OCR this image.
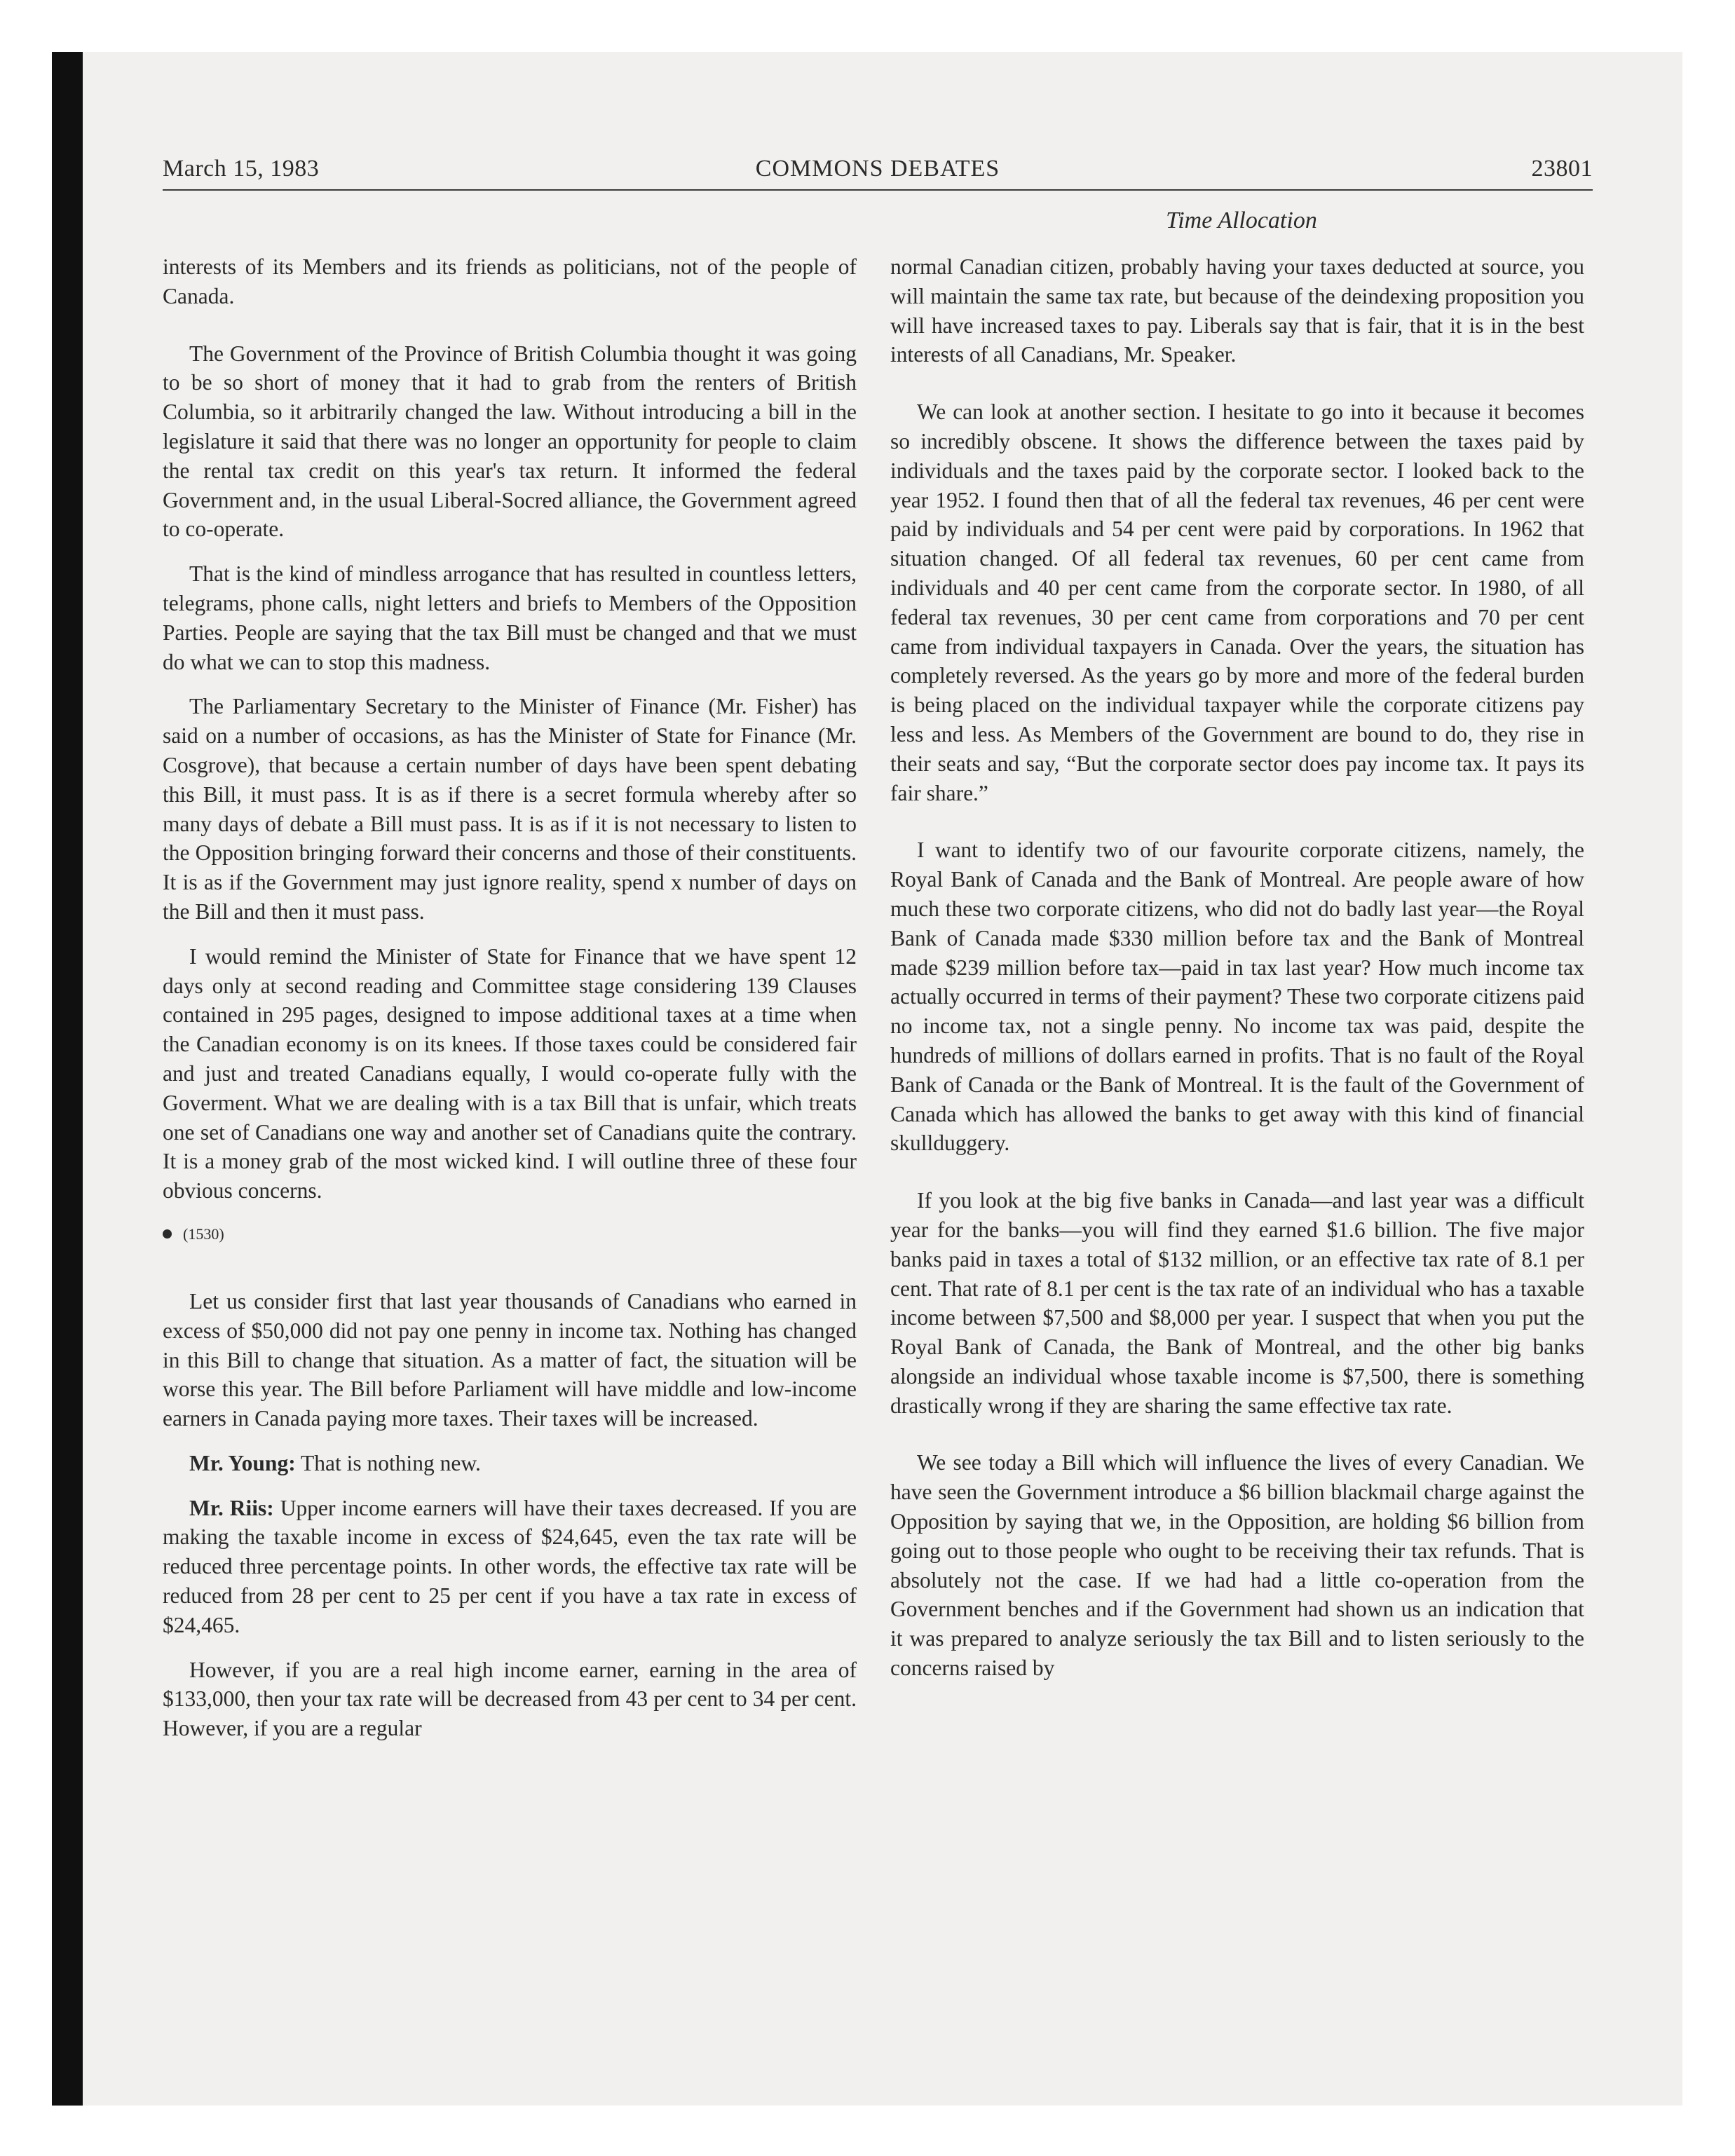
March 15, 1983	COMMONS DEBATES	23801
Time Allocation

interests of its Members and its friends as politicians, not of the people of Canada.

The Government of the Province of British Columbia thought it was going to be so short of money that it had to grab from the renters of British Columbia, so it arbitrarily changed the law. Without introducing a bill in the legislature it said that there was no longer an opportunity for people to claim the rental tax credit on this year's tax return. It informed the federal Government and, in the usual Liberal-Socred alliance, the Government agreed to co-operate.

That is the kind of mindless arrogance that has resulted in countless letters, telegrams, phone calls, night letters and briefs to Members of the Opposition Parties. People are saying that the tax Bill must be changed and that we must do what we can to stop this madness.

The Parliamentary Secretary to the Minister of Finance (Mr. Fisher) has said on a number of occasions, as has the Minister of State for Finance (Mr. Cosgrove), that because a certain number of days have been spent debating this Bill, it must pass. It is as if there is a secret formula whereby after so many days of debate a Bill must pass. It is as if it is not necessary to listen to the Opposition bringing forward their concerns and those of their constituents. It is as if the Government may just ignore reality, spend x number of days on the Bill and then it must pass.

I would remind the Minister of State for Finance that we have spent 12 days only at second reading and Committee stage considering 139 Clauses contained in 295 pages, designed to impose additional taxes at a time when the Canadian economy is on its knees. If those taxes could be considered fair and just and treated Canadians equally, I would co-operate fully with the Goverment. What we are dealing with is a tax Bill that is unfair, which treats one set of Canadians one way and another set of Canadians quite the contrary. It is a money grab of the most wicked kind. I will outline three of these four obvious concerns.

(1530)

Let us consider first that last year thousands of Canadians who earned in excess of $50,000 did not pay one penny in income tax. Nothing has changed in this Bill to change that situation. As a matter of fact, the situation will be worse this year. The Bill before Parliament will have middle and low-income earners in Canada paying more taxes. Their taxes will be increased.

Mr. Young: That is nothing new.

Mr. Riis: Upper income earners will have their taxes decreased. If you are making the taxable income in excess of $24,645, even the tax rate will be reduced three percentage points. In other words, the effective tax rate will be reduced from 28 per cent to 25 per cent if you have a tax rate in excess of $24,465.

However, if you are a real high income earner, earning in the area of $133,000, then your tax rate will be decreased from 43 per cent to 34 per cent. However, if you are a regular

normal Canadian citizen, probably having your taxes deducted at source, you will maintain the same tax rate, but because of the deindexing proposition you will have increased taxes to pay. Liberals say that is fair, that it is in the best interests of all Canadians, Mr. Speaker.

We can look at another section. I hesitate to go into it because it becomes so incredibly obscene. It shows the difference between the taxes paid by individuals and the taxes paid by the corporate sector. I looked back to the year 1952. I found then that of all the federal tax revenues, 46 per cent were paid by individuals and 54 per cent were paid by corporations. In 1962 that situation changed. Of all federal tax revenues, 60 per cent came from individuals and 40 per cent came from the corporate sector. In 1980, of all federal tax revenues, 30 per cent came from corporations and 70 per cent came from individual taxpayers in Canada. Over the years, the situation has completely reversed. As the years go by more and more of the federal burden is being placed on the individual taxpayer while the corporate citizens pay less and less. As Members of the Government are bound to do, they rise in their seats and say, “But the corporate sector does pay income tax. It pays its fair share.”

I want to identify two of our favourite corporate citizens, namely, the Royal Bank of Canada and the Bank of Montreal. Are people aware of how much these two corporate citizens, who did not do badly last year—the Royal Bank of Canada made $330 million before tax and the Bank of Montreal made $239 million before tax—paid in tax last year? How much income tax actually occurred in terms of their payment? These two corporate citizens paid no income tax, not a single penny. No income tax was paid, despite the hundreds of millions of dollars earned in profits. That is no fault of the Royal Bank of Canada or the Bank of Montreal. It is the fault of the Government of Canada which has allowed the banks to get away with this kind of financial skullduggery.

If you look at the big five banks in Canada—and last year was a difficult year for the banks—you will find they earned $1.6 billion. The five major banks paid in taxes a total of $132 million, or an effective tax rate of 8.1 per cent. That rate of 8.1 per cent is the tax rate of an individual who has a taxable income between $7,500 and $8,000 per year. I suspect that when you put the Royal Bank of Canada, the Bank of Montreal, and the other big banks alongside an individual whose taxable income is $7,500, there is something drastically wrong if they are sharing the same effective tax rate.

We see today a Bill which will influence the lives of every Canadian. We have seen the Government introduce a $6 billion blackmail charge against the Opposition by saying that we, in the Opposition, are holding $6 billion from going out to those people who ought to be receiving their tax refunds. That is absolutely not the case. If we had had a little co-operation from the Government benches and if the Government had shown us an indication that it was prepared to analyze seriously the tax Bill and to listen seriously to the concerns raised by
